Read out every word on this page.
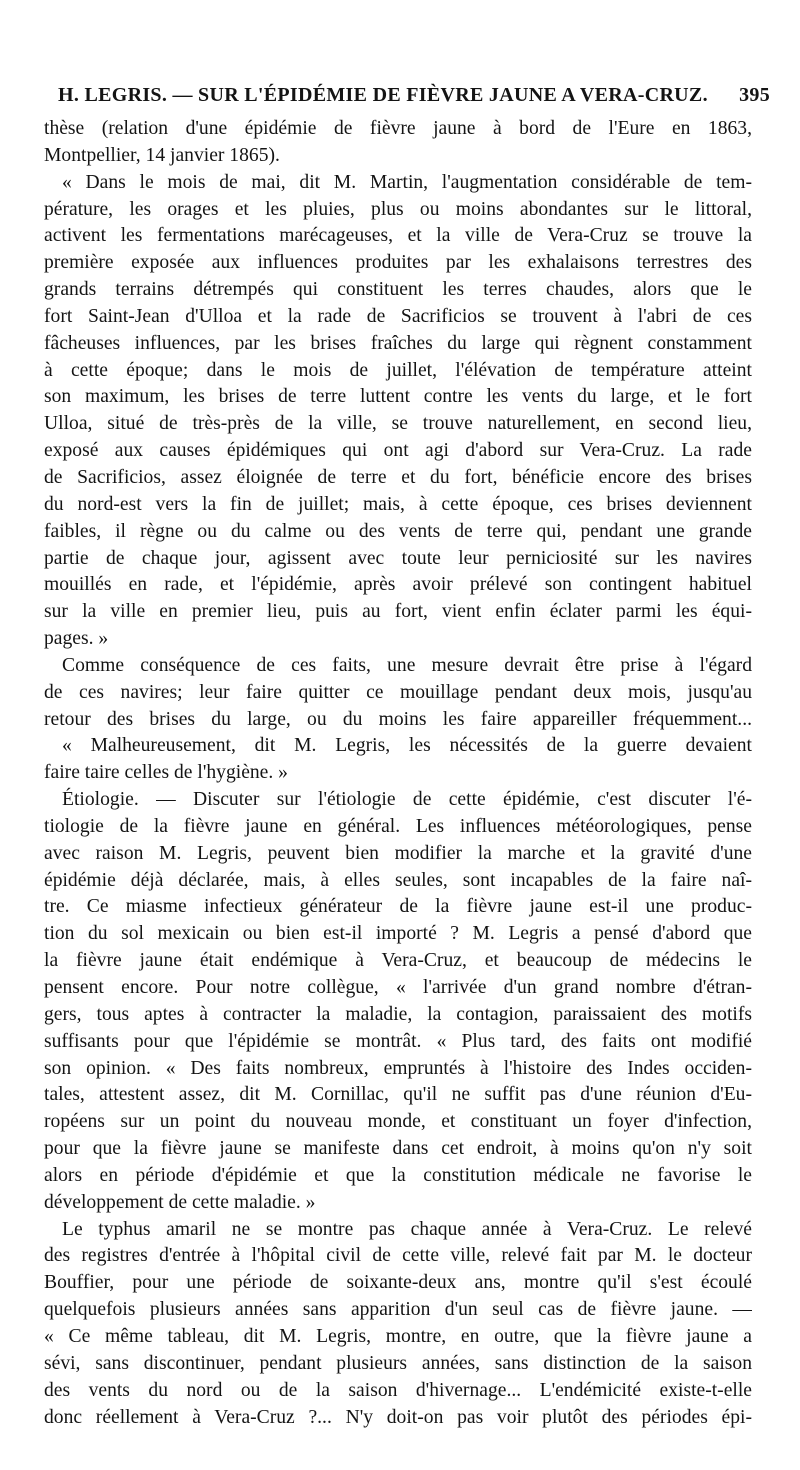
H. LEGRIS. — SUR L'ÉPIDÉMIE DE FIÈVRE JAUNE A VERA-CRUZ. 395
thèse (relation d'une épidémie de fièvre jaune à bord de l'Eure en 1863,
Montpellier, 14 janvier 1865).
« Dans le mois de mai, dit M. Martin, l'augmentation considérable de tem-
pérature, les orages et les pluies, plus ou moins abondantes sur le littoral,
activent les fermentations marécageuses, et la ville de Vera-Cruz se trouve la
première exposée aux influences produites par les exhalaisons terrestres des
grands terrains détrempés qui constituent les terres chaudes, alors que le
fort Saint-Jean d'Ulloa et la rade de Sacrificios se trouvent à l'abri de ces
fâcheuses influences, par les brises fraîches du large qui règnent constamment
à cette époque; dans le mois de juillet, l'élévation de température atteint
son maximum, les brises de terre luttent contre les vents du large, et le fort
Ulloa, situé de très-près de la ville, se trouve naturellement, en second lieu,
exposé aux causes épidémiques qui ont agi d'abord sur Vera-Cruz. La rade
de Sacrificios, assez éloignée de terre et du fort, bénéficie encore des brises
du nord-est vers la fin de juillet; mais, à cette époque, ces brises deviennent
faibles, il règne ou du calme ou des vents de terre qui, pendant une grande
partie de chaque jour, agissent avec toute leur perniciosité sur les navires
mouillés en rade, et l'épidémie, après avoir prélevé son contingent habituel
sur la ville en premier lieu, puis au fort, vient enfin éclater parmi les équi-
pages. »
Comme conséquence de ces faits, une mesure devrait être prise à l'égard
de ces navires; leur faire quitter ce mouillage pendant deux mois, jusqu'au
retour des brises du large, ou du moins les faire appareiller fréquemment...
« Malheureusement, dit M. Legris, les nécessités de la guerre devaient
faire taire celles de l'hygiène. »
Étiologie. — Discuter sur l'étiologie de cette épidémie, c'est discuter l'é-
tiologie de la fièvre jaune en général. Les influences météorologiques, pense
avec raison M. Legris, peuvent bien modifier la marche et la gravité d'une
épidémie déjà déclarée, mais, à elles seules, sont incapables de la faire naî-
tre. Ce miasme infectieux générateur de la fièvre jaune est-il une produc-
tion du sol mexicain ou bien est-il importé ? M. Legris a pensé d'abord que
la fièvre jaune était endémique à Vera-Cruz, et beaucoup de médecins le
pensent encore. Pour notre collègue, « l'arrivée d'un grand nombre d'étran-
gers, tous aptes à contracter la maladie, la contagion, paraissaient des motifs
suffisants pour que l'épidémie se montrât. « Plus tard, des faits ont modifié
son opinion. « Des faits nombreux, empruntés à l'histoire des Indes occiden-
tales, attestent assez, dit M. Cornillac, qu'il ne suffit pas d'une réunion d'Eu-
ropéens sur un point du nouveau monde, et constituant un foyer d'infection,
pour que la fièvre jaune se manifeste dans cet endroit, à moins qu'on n'y soit
alors en période d'épidémie et que la constitution médicale ne favorise le
développement de cette maladie. »
Le typhus amaril ne se montre pas chaque année à Vera-Cruz. Le relevé
des registres d'entrée à l'hôpital civil de cette ville, relevé fait par M. le docteur
Bouffier, pour une période de soixante-deux ans, montre qu'il s'est écoulé
quelquefois plusieurs années sans apparition d'un seul cas de fièvre jaune. —
« Ce même tableau, dit M. Legris, montre, en outre, que la fièvre jaune a
sévi, sans discontinuer, pendant plusieurs années, sans distinction de la saison
des vents du nord ou de la saison d'hivernage... L'endémicité existe-t-elle
donc réellement à Vera-Cruz ?... N'y doit-on pas voir plutôt des périodes épi-
